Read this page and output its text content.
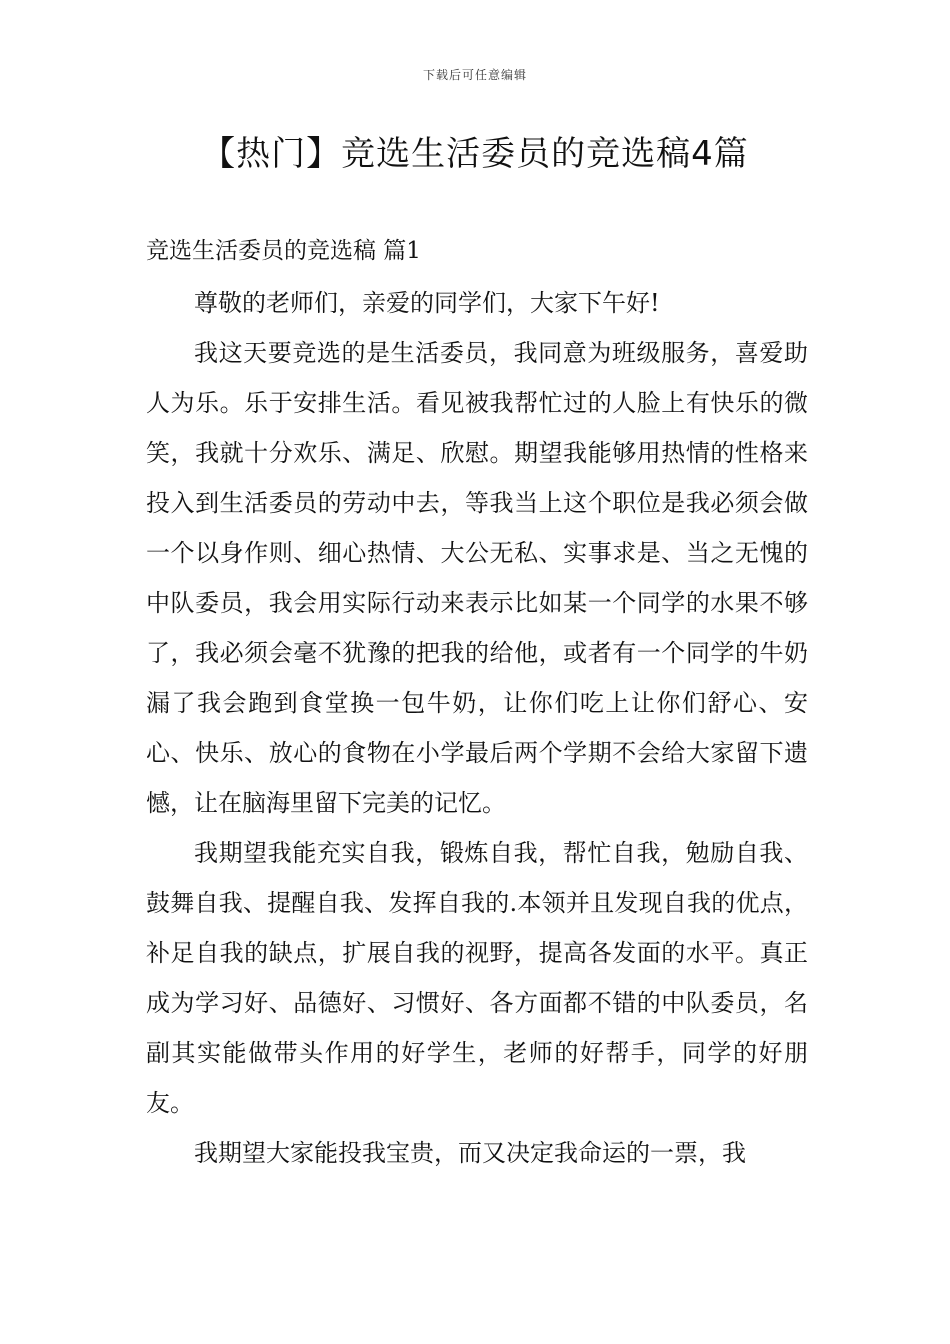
下载后可任意编辑
【热门】竞选生活委员的竞选稿4篇
竞选生活委员的竞选稿 篇1

尊敬的老师们，亲爱的同学们，大家下午好!

我这天要竞选的是生活委员，我同意为班级服务，喜爱助人为乐。乐于安排生活。看见被我帮忙过的人脸上有快乐的微笑，我就十分欢乐、满足、欣慰。期望我能够用热情的性格来投入到生活委员的劳动中去，等我当上这个职位是我必须会做一个以身作则、细心热情、大公无私、实事求是、当之无愧的中队委员，我会用实际行动来表示比如某一个同学的水果不够了，我必须会毫不犹豫的把我的给他，或者有一个同学的牛奶漏了我会跑到食堂换一包牛奶，让你们吃上让你们舒心、安心、快乐、放心的食物在小学最后两个学期不会给大家留下遗憾，让在脑海里留下完美的记忆。

我期望我能充实自我，锻炼自我，帮忙自我，勉励自我、鼓舞自我、提醒自我、发挥自我的.本领并且发现自我的优点，补足自我的缺点，扩展自我的视野，提高各发面的水平。真正成为学习好、品德好、习惯好、各方面都不错的中队委员，名副其实能做带头作用的好学生，老师的好帮手，同学的好朋友。

我期望大家能投我宝贵，而又决定我命运的一票，我
